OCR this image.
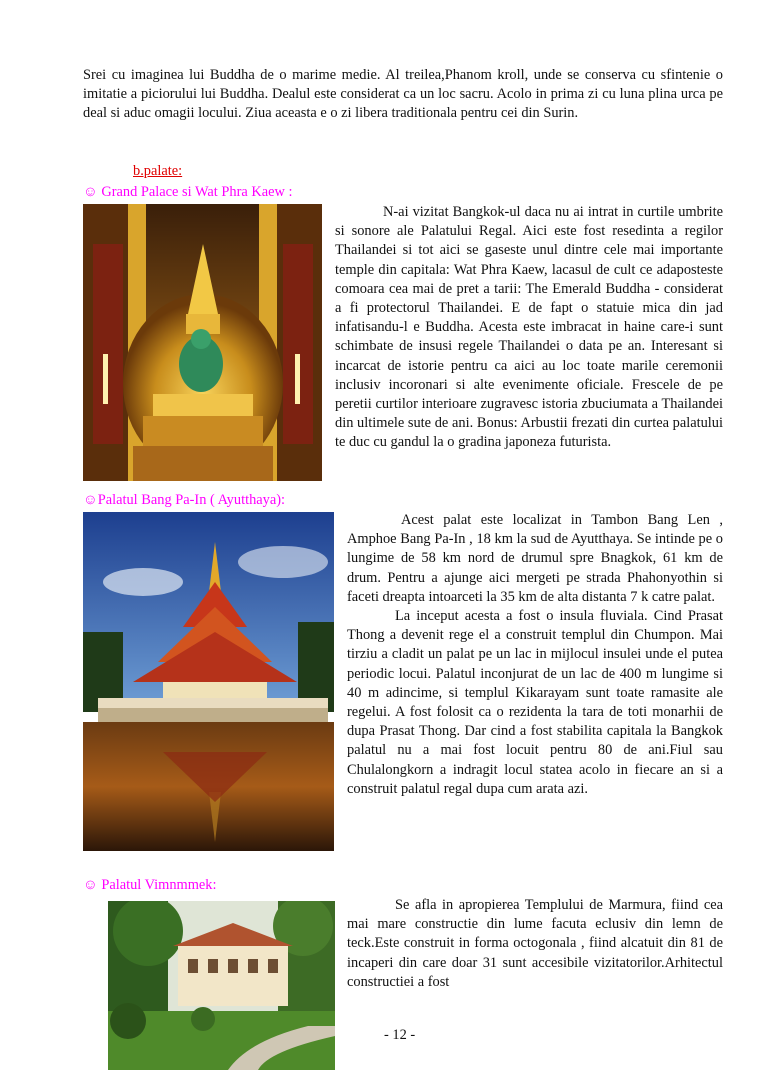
Srei cu imaginea lui Buddha de o marime medie. Al treilea,Phanom kroll, unde se conserva cu sfintenie o imitatie a piciorului lui Buddha. Dealul este considerat ca un loc sacru. Acolo in prima zi cu luna plina urca pe deal si aduc omagii locului. Ziua aceasta e o zi libera traditionala pentru cei din Surin.
b.palate:
☺ Grand Palace si Wat Phra Kaew :
N-ai vizitat Bangkok-ul daca nu ai intrat in curtile umbrite si sonore ale Palatului Regal. Aici este fost resedinta a regilor Thailandei si tot aici se gaseste unul dintre cele mai importante temple din capitala: Wat Phra Kaew, lacasul de cult ce adaposteste comoara cea mai de pret a tarii: The Emerald Buddha - considerat a fi protectorul Thailandei. E de fapt o statuie mica din jad infatisandu-l e Buddha. Acesta este imbracat in haine care-i sunt schimbate de insusi regele Thailandei o data pe an. Interesant si incarcat de istorie pentru ca aici au loc toate marile ceremonii inclusiv incoronari si alte evenimente oficiale. Frescele de pe peretii curtilor interioare zugravesc istoria zbuciumata a Thailandei din ultimele sute de ani. Bonus: Arbustii frezati din curtea palatului te duc cu gandul la o gradina japoneza futurista.
☺Palatul Bang Pa-In ( Ayutthaya):
Acest palat este localizat in Tambon Bang Len , Amphoe Bang Pa-In , 18 km la sud de Ayutthaya. Se intinde pe o lungime de 58 km nord de drumul spre Bnagkok, 61 km de drum. Pentru a ajunge aici mergeti pe strada Phahonyothin si faceti dreapta intoarceti la 35 km de alta distanta 7 k catre palat.
La inceput acesta a fost o insula fluviala. Cind Prasat Thong a devenit rege el a construit templul din Chumpon. Mai tirziu a cladit un palat pe un lac in mijlocul insulei unde el putea periodic locui. Palatul inconjurat de un lac de 400 m lungime si 40 m adincime, si templul Kikarayam sunt toate ramasite ale regelui. A fost folosit ca o rezidenta la tara de toti monarhii de dupa Prasat Thong. Dar cind a fost stabilita capitala la Bangkok palatul nu a mai fost locuit pentru 80 de ani.Fiul sau Chulalongkorn a indragit locul statea acolo in fiecare an si a construit palatul regal dupa cum arata azi.
☺ Palatul Vimnmmek:
Se afla in apropierea Templului de Marmura, fiind cea mai mare constructie din lume facuta eclusiv din lemn de teck.Este construit in forma octogonala , fiind alcatuit din 81 de incaperi din care doar 31 sunt accesibile vizitatorilor.Arhitectul constructiei a fost
- 12 -
